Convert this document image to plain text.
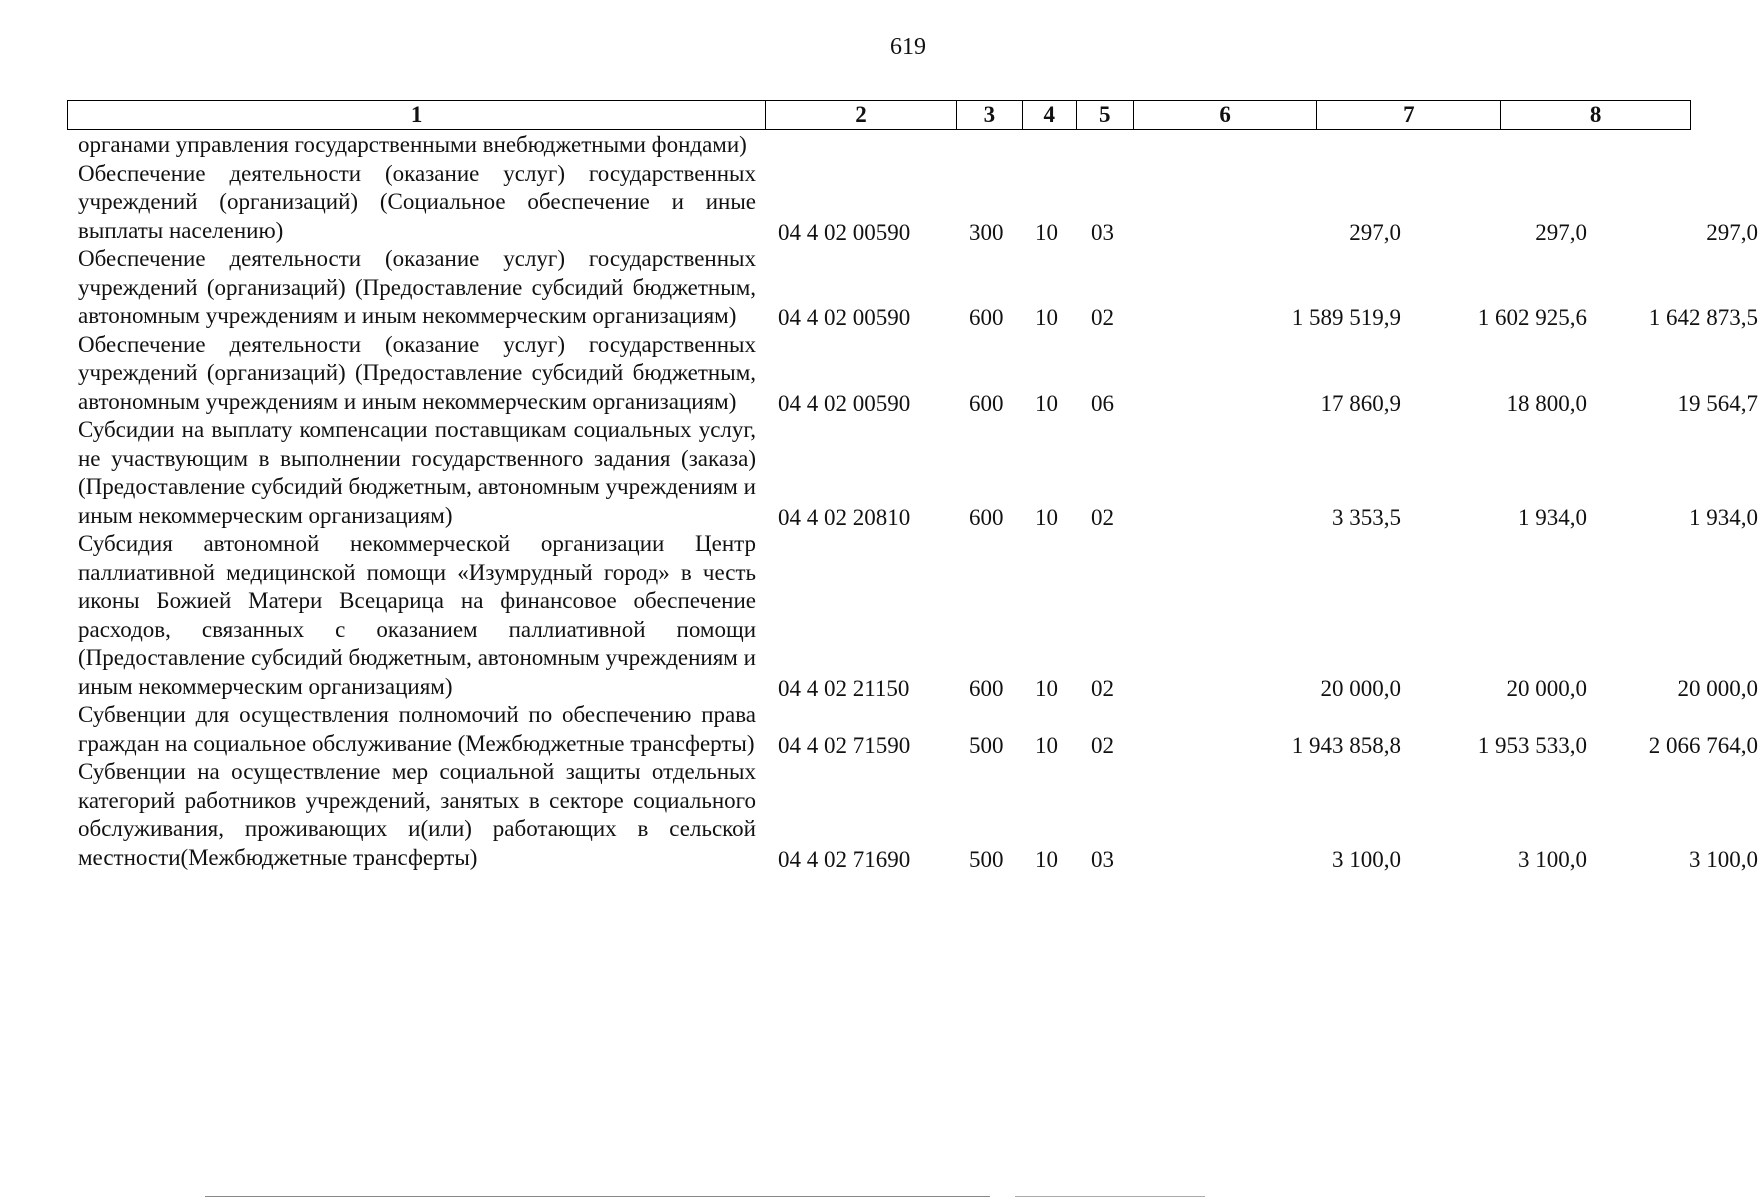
619
1	2	3	4	5	6	7	8
органами управления государственными внебюджетными фондами)
Обеспечение деятельности (оказание услуг) государственных учреждений (организаций) (Социальное обеспечение и иные выплаты населению)	04 4 02 00590	300 10 03	297,0	297,0	297,0
Обеспечение деятельности (оказание услуг) государственных учреждений (организаций) (Предоставление субсидий бюджетным, автономным учреждениям и иным некоммерческим организациям)	04 4 02 00590	600 10 02	1 589 519,9	1 602 925,6	1 642 873,5
Обеспечение деятельности (оказание услуг) государственных учреждений (организаций) (Предоставление субсидий бюджетным, автономным учреждениям и иным некоммерческим организациям)	04 4 02 00590	600 10 06	17 860,9	18 800,0	19 564,7
Субсидии на выплату компенсации поставщикам социальных услуг, не участвующим в выполнении государственного задания (заказа) (Предоставление субсидий бюджетным, автономным учреждениям и иным некоммерческим организациям)	04 4 02 20810	600 10 02	3 353,5	1 934,0	1 934,0
Субсидия автономной некоммерческой организации Центр паллиативной медицинской помощи «Изумрудный город» в честь иконы Божией Матери Всецарица на финансовое обеспечение расходов, связанных с оказанием паллиативной помощи (Предоставление субсидий бюджетным, автономным учреждениям и иным некоммерческим организациям)	04 4 02 21150	600 10 02	20 000,0	20 000,0	20 000,0
Субвенции для осуществления полномочий по обеспечению права граждан на социальное обслуживание (Межбюджетные трансферты) 04 4 02 71590	500 10 02	1 943 858,8	1 953 533,0	2 066 764,0
Субвенции на осуществление мер социальной защиты отдельных категорий работников учреждений, занятых в секторе социального обслуживания, проживающих и(или) работающих в сельской местности(Межбюджетные трансферты)	04 4 02 71690	500 10 03	3 100,0	3 100,0	3 100,0
